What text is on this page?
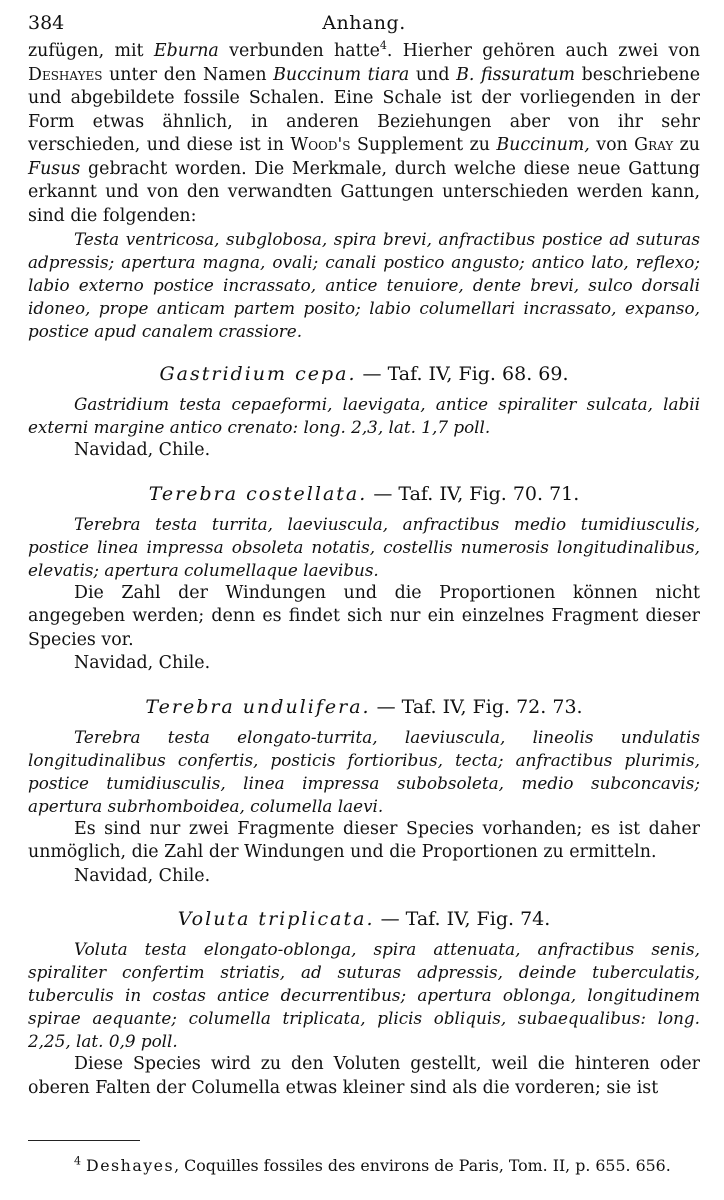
384	Anhang.

zufügen, mit Eburna verbunden hatte$^4$. Hierher gehören auch zwei von Deshayes unter den Namen Buccinum tiara und B. fissuratum beschriebene und abgebildete fossile Schalen. Eine Schale ist der vorliegenden in der Form etwas ähnlich, in anderen Beziehungen aber von ihr sehr verschieden, und diese ist in Wood's Supplement zu Buccinum, von Gray zu Fusus gebracht worden. Die Merkmale, durch welche diese neue Gattung erkannt und von den verwandten Gattungen unterschieden werden kann, sind die folgenden:

Testa ventricosa, subglobosa, spira brevi, anfractibus postice ad suturas adpressis; apertura magna, ovali; canali postico angusto; antico lato, reflexo; labio externo postice incrassato, antice tenuiore, dente brevi, sulco dorsali idoneo, prope anticam partem posito; labio columellari incrassato, expanso, postice apud canalem crassiore.

Gastridium cepa. — Taf. IV, Fig. 68. 69.

Gastridium testa cepaeformi, laevigata, antice spiraliter sulcata, labii externi margine antico crenato: long. 2,3, lat. 1,7 poll.

Navidad, Chile.

Terebra costellata. — Taf. IV, Fig. 70. 71.

Terebra testa turrita, laeviuscula, anfractibus medio tumidiusculis, postice linea impressa obsoleta notatis, costellis numerosis longitudinalibus, elevatis; apertura columellaque laevibus.

Die Zahl der Windungen und die Proportionen können nicht angegeben werden; denn es findet sich nur ein einzelnes Fragment dieser Species vor.

Navidad, Chile.

Terebra undulifera. — Taf. IV, Fig. 72. 73.

Terebra testa elongato-turrita, laeviuscula, lineolis undulatis longitudinalibus confertis, posticis fortioribus, tecta; anfractibus plurimis, postice tumidiusculis, linea impressa subobsoleta, medio subconcavis; apertura subrhomboidea, columella laevi.

Es sind nur zwei Fragmente dieser Species vorhanden; es ist daher unmöglich, die Zahl der Windungen und die Proportionen zu ermitteln.

Navidad, Chile.

Voluta triplicata. — Taf. IV, Fig. 74.

Voluta testa elongato-oblonga, spira attenuata, anfractibus senis, spiraliter confertim striatis, ad suturas adpressis, deinde tuberculatis, tuberculis in costas antice decurrentibus; apertura oblonga, longitudinem spirae aequante; columella triplicata, plicis obliquis, subaequalibus: long. 2,25, lat. 0,9 poll.

Diese Species wird zu den Voluten gestellt, weil die hinteren oder oberen Falten der Columella etwas kleiner sind als die vorderen; sie ist

$^4$ Deshayes, Coquilles fossiles des environs de Paris, Tom. II, p. 655. 656.
